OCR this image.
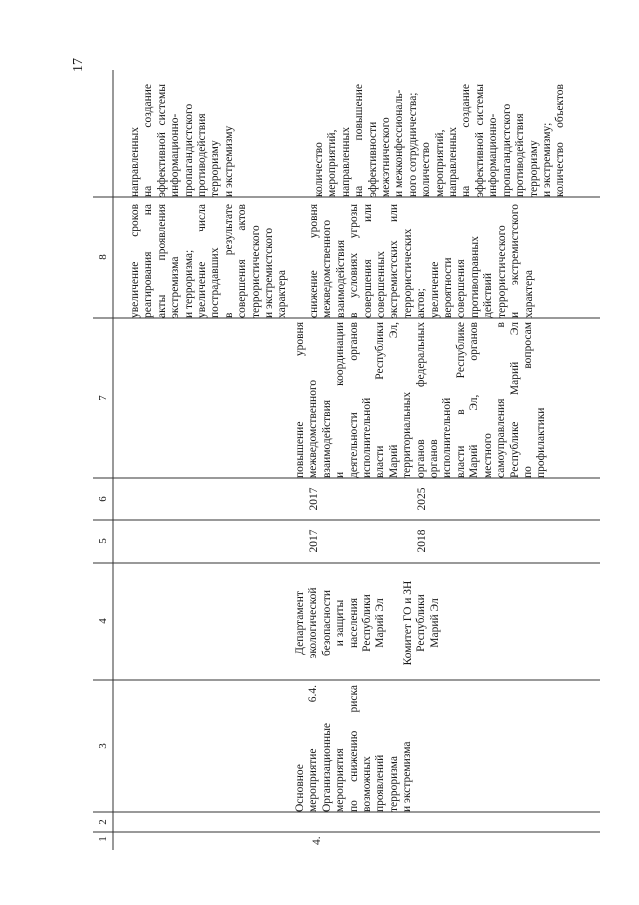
17
1
2
3
4
5
6
7
8 увеличение сроков реагирования на акты проявления экстремизма и терроризма; увеличение числа пострадавших в результате совершения актов террористического и экстремистского характера
направленных на создание эффективной системы информационно- пропагандистского противодействия терроризму и экстремизму
4.
Основное мероприятие 6.4. Организационные мероприятия по снижению риска возможных проявлений терроризма и экстремизма
Департамент экологической безопасности и защиты населения Республики Марий Эл Комитет ГО и ЗН Республики Марий Эл
2017	2018
2017	2025
повышение уровня межведомственного взаимодействия и координации деятельности органов исполнительной власти Республики Марий Эл, территориальных органов федеральных органов исполнительной власти в Республике Марий Эл, органов местного самоуправления в Республике Марий Эл по вопросам профилактики
снижение уровня межведомственного взаимодействия в условиях угрозы совершения или совершенных экстремистских или террористических актов; увеличение вероятности совершения противоправных действий террористического и экстремистского характера
количество мероприятий, направленных на повышение эффективности межэтнического и межконфессиональ- ного сотрудничества; количество мероприятий, направленных на создание эффективной системы информационно- пропагандистского противодействия терроризму и экстремизму; количество объектов
